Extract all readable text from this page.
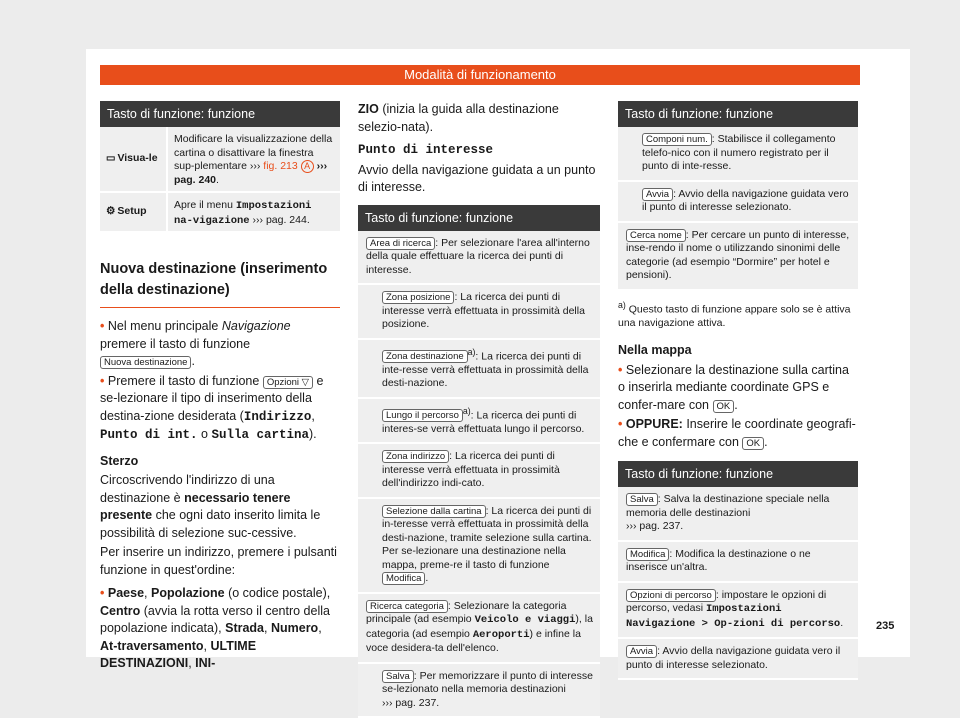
Modalità di funzionamento
Tasto di funzione: funzione
▭ Visua-le
Modificare la visualizzazione della cartina o disattivare la finestra sup-plementare ››› fig. 213 A ››› pag. 240.
⚙ Setup
Apre il menu Impostazioni na-vigazione ››› pag. 244.
Nuova destinazione (inserimento della destinazione)

• Nel menu principale Navigazione premere il tasto di funzione Nuova destinazione .

• Premere il tasto di funzione Opzioni ▽ e se-lezionare il tipo di inserimento della destina-zione desiderata (Indirizzo, Punto di int. o Sulla cartina).

Sterzo

Circoscrivendo l'indirizzo di una destinazione è necessario tenere presente che ogni dato inserito limita le possibilità di selezione suc-cessive.

Per inserire un indirizzo, premere i pulsanti funzione in quest'ordine:

• Paese, Popolazione (o codice postale), Centro (avvia la rotta verso il centro della popolazione indicata), Strada, Numero, At-traversamento, ULTIME DESTINAZIONI, INI-

ZIO (inizia la guida alla destinazione selezio-nata).

Punto di interesse

Avvio della navigazione guidata a un punto di interesse.

Tasto di funzione: funzione
Area di ricerca : Per selezionare l'area all'interno della quale effettuare la ricerca dei punti di interesse.
Zona posizione : La ricerca dei punti di interesse verrà effettuata in prossimità della posizione.
Zona destinazione $^{a)}$: La ricerca dei punti di inte-resse verrà effettuata in prossimità della desti-nazione.
Lungo il percorso $^{a)}$: La ricerca dei punti di interes-se verrà effettuata lungo il percorso.
Zona indirizzo : La ricerca dei punti di interesse verrà effettuata in prossimità dell'indirizzo indi-cato.
Selezione dalla cartina : La ricerca dei punti di in-teresse verrà effettuata in prossimità della desti-nazione, tramite selezione sulla cartina. Per se-lezionare una destinazione nella mappa, preme-re il tasto di funzione Modifica .
Ricerca categoria : Selezionare la categoria principale (ad esempio Veicolo e viaggi), la categoria (ad esempio Aeroporti) e infine la voce desidera-ta dell'elenco.
Salva : Per memorizzare il punto di interesse se-lezionato nella memoria destinazioni
››› pag. 237.
Tasto di funzione: funzione
Componi num. : Stabilisce il collegamento telefo-nico con il numero registrato per il punto di inte-resse.
Avvia : Avvio della navigazione guidata vero il punto di interesse selezionato.
Cerca nome : Per cercare un punto di interesse, inse-rendo il nome o utilizzando sinonimi delle categorie (ad esempio “Dormire” per hotel e pensioni).
$^{a)}$ Questo tasto di funzione appare solo se è attiva una navigazione attiva.

Nella mappa

• Selezionare la destinazione sulla cartina o inserirla mediante coordinate GPS e confer-mare con OK .

• OPPURE: Inserire le coordinate geografi-che e confermare con OK .

Tasto di funzione: funzione
Salva : Salva la destinazione speciale nella memoria delle destinazioni
››› pag. 237.
Modifica : Modifica la destinazione o ne inserisce un'altra.
Opzioni di percorso : impostare le opzioni di percorso, vedasi Impostazioni Navigazione > Op-zioni di percorso.
Avvia : Avvio della navigazione guidata vero il punto di interesse selezionato.
235
